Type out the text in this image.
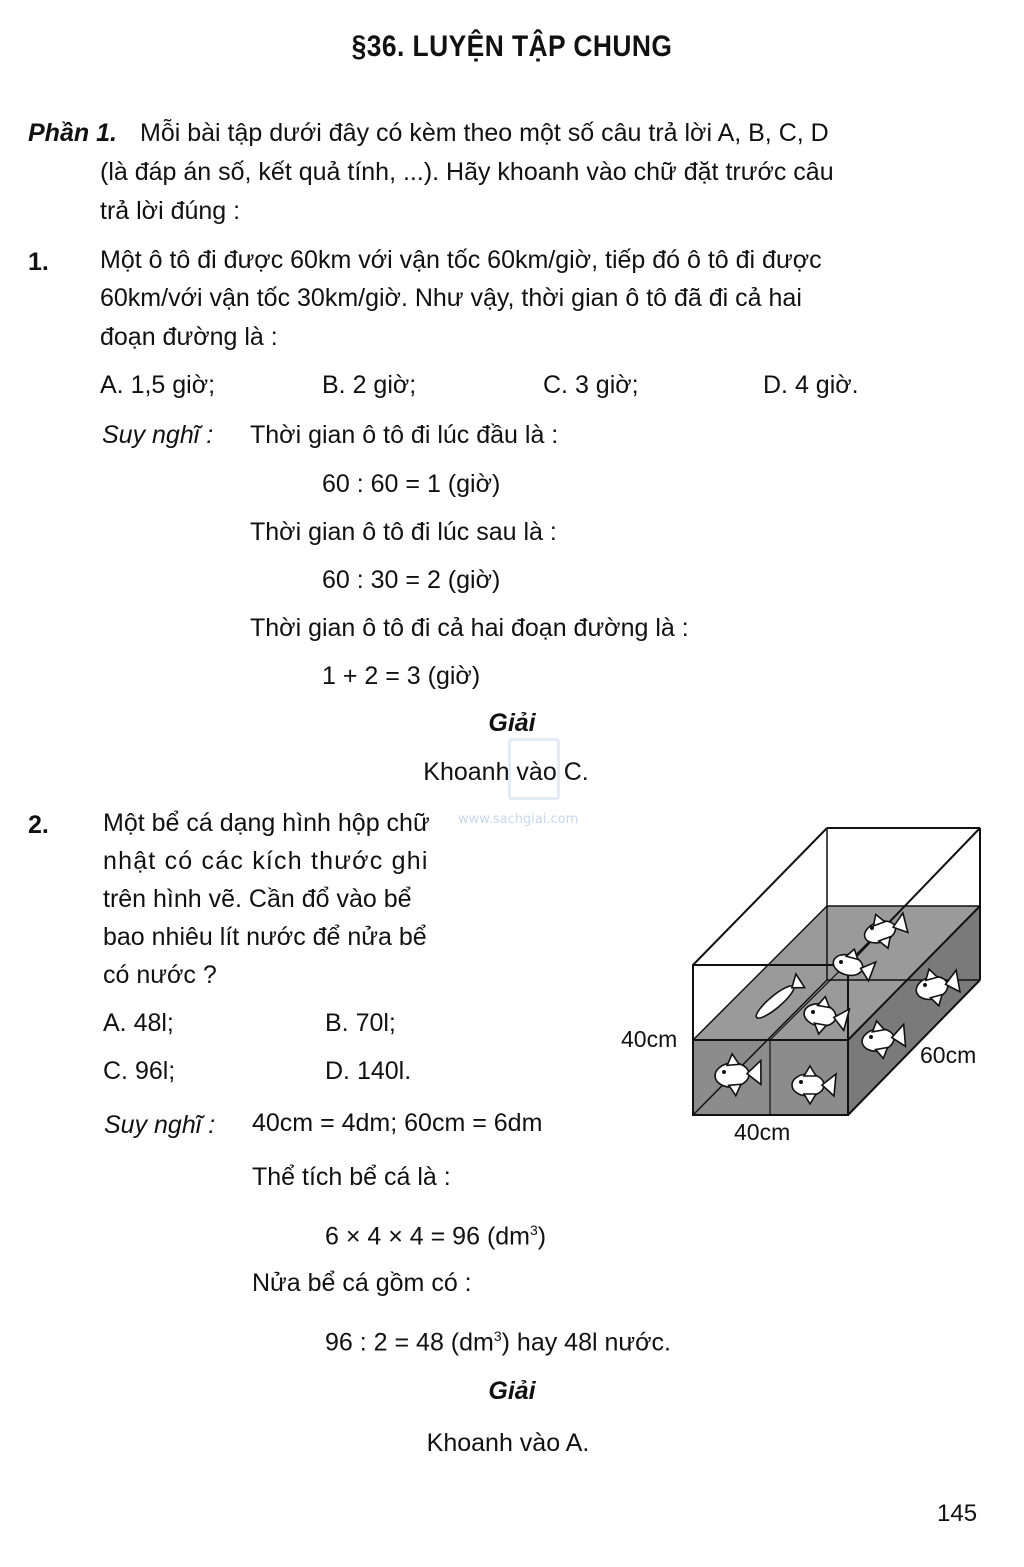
§36. LUYỆN TẬP CHUNG
Phần 1. Mỗi bài tập dưới đây có kèm theo một số câu trả lời A, B, C, D
(là đáp án số, kết quả tính, ...). Hãy khoanh vào chữ đặt trước câu
trả lời đúng :
1. Một ô tô đi được 60km với vận tốc 60km/giờ, tiếp đó ô tô đi được
60km/với vận tốc 30km/giờ. Như vậy, thời gian ô tô đã đi cả hai
đoạn đường là :
A. 1,5 giờ;	B. 2 giờ;	C. 3 giờ;	D. 4 giờ.
Suy nghĩ : Thời gian ô tô đi lúc đầu là :
60 : 60 = 1 (giờ)
Thời gian ô tô đi lúc sau là :
60 : 30 = 2 (giờ)
Thời gian ô tô đi cả hai đoạn đường là :
1 + 2 = 3 (giờ)
Giải
Khoanh vào C.
www.sachgiai.com
2. Một bể cá dạng hình hộp chữ
nhật có các kích thước ghi
trên hình vẽ. Cần đổ vào bể
bao nhiêu lít nước để nửa bể
có nước ?
A. 48l;	B. 70l;
C. 96l;	D. 140l.
Suy nghĩ : 40cm = 4dm; 60cm = 6dm
Thể tích bể cá là :
6 × 4 × 4 = 96 $(dm^3)$
Nửa bể cá gồm có :
96 : 2 = 48 $(dm^3)$ hay 48l nước.
Giải
Khoanh vào A.
40cm
60cm
40cm
145
